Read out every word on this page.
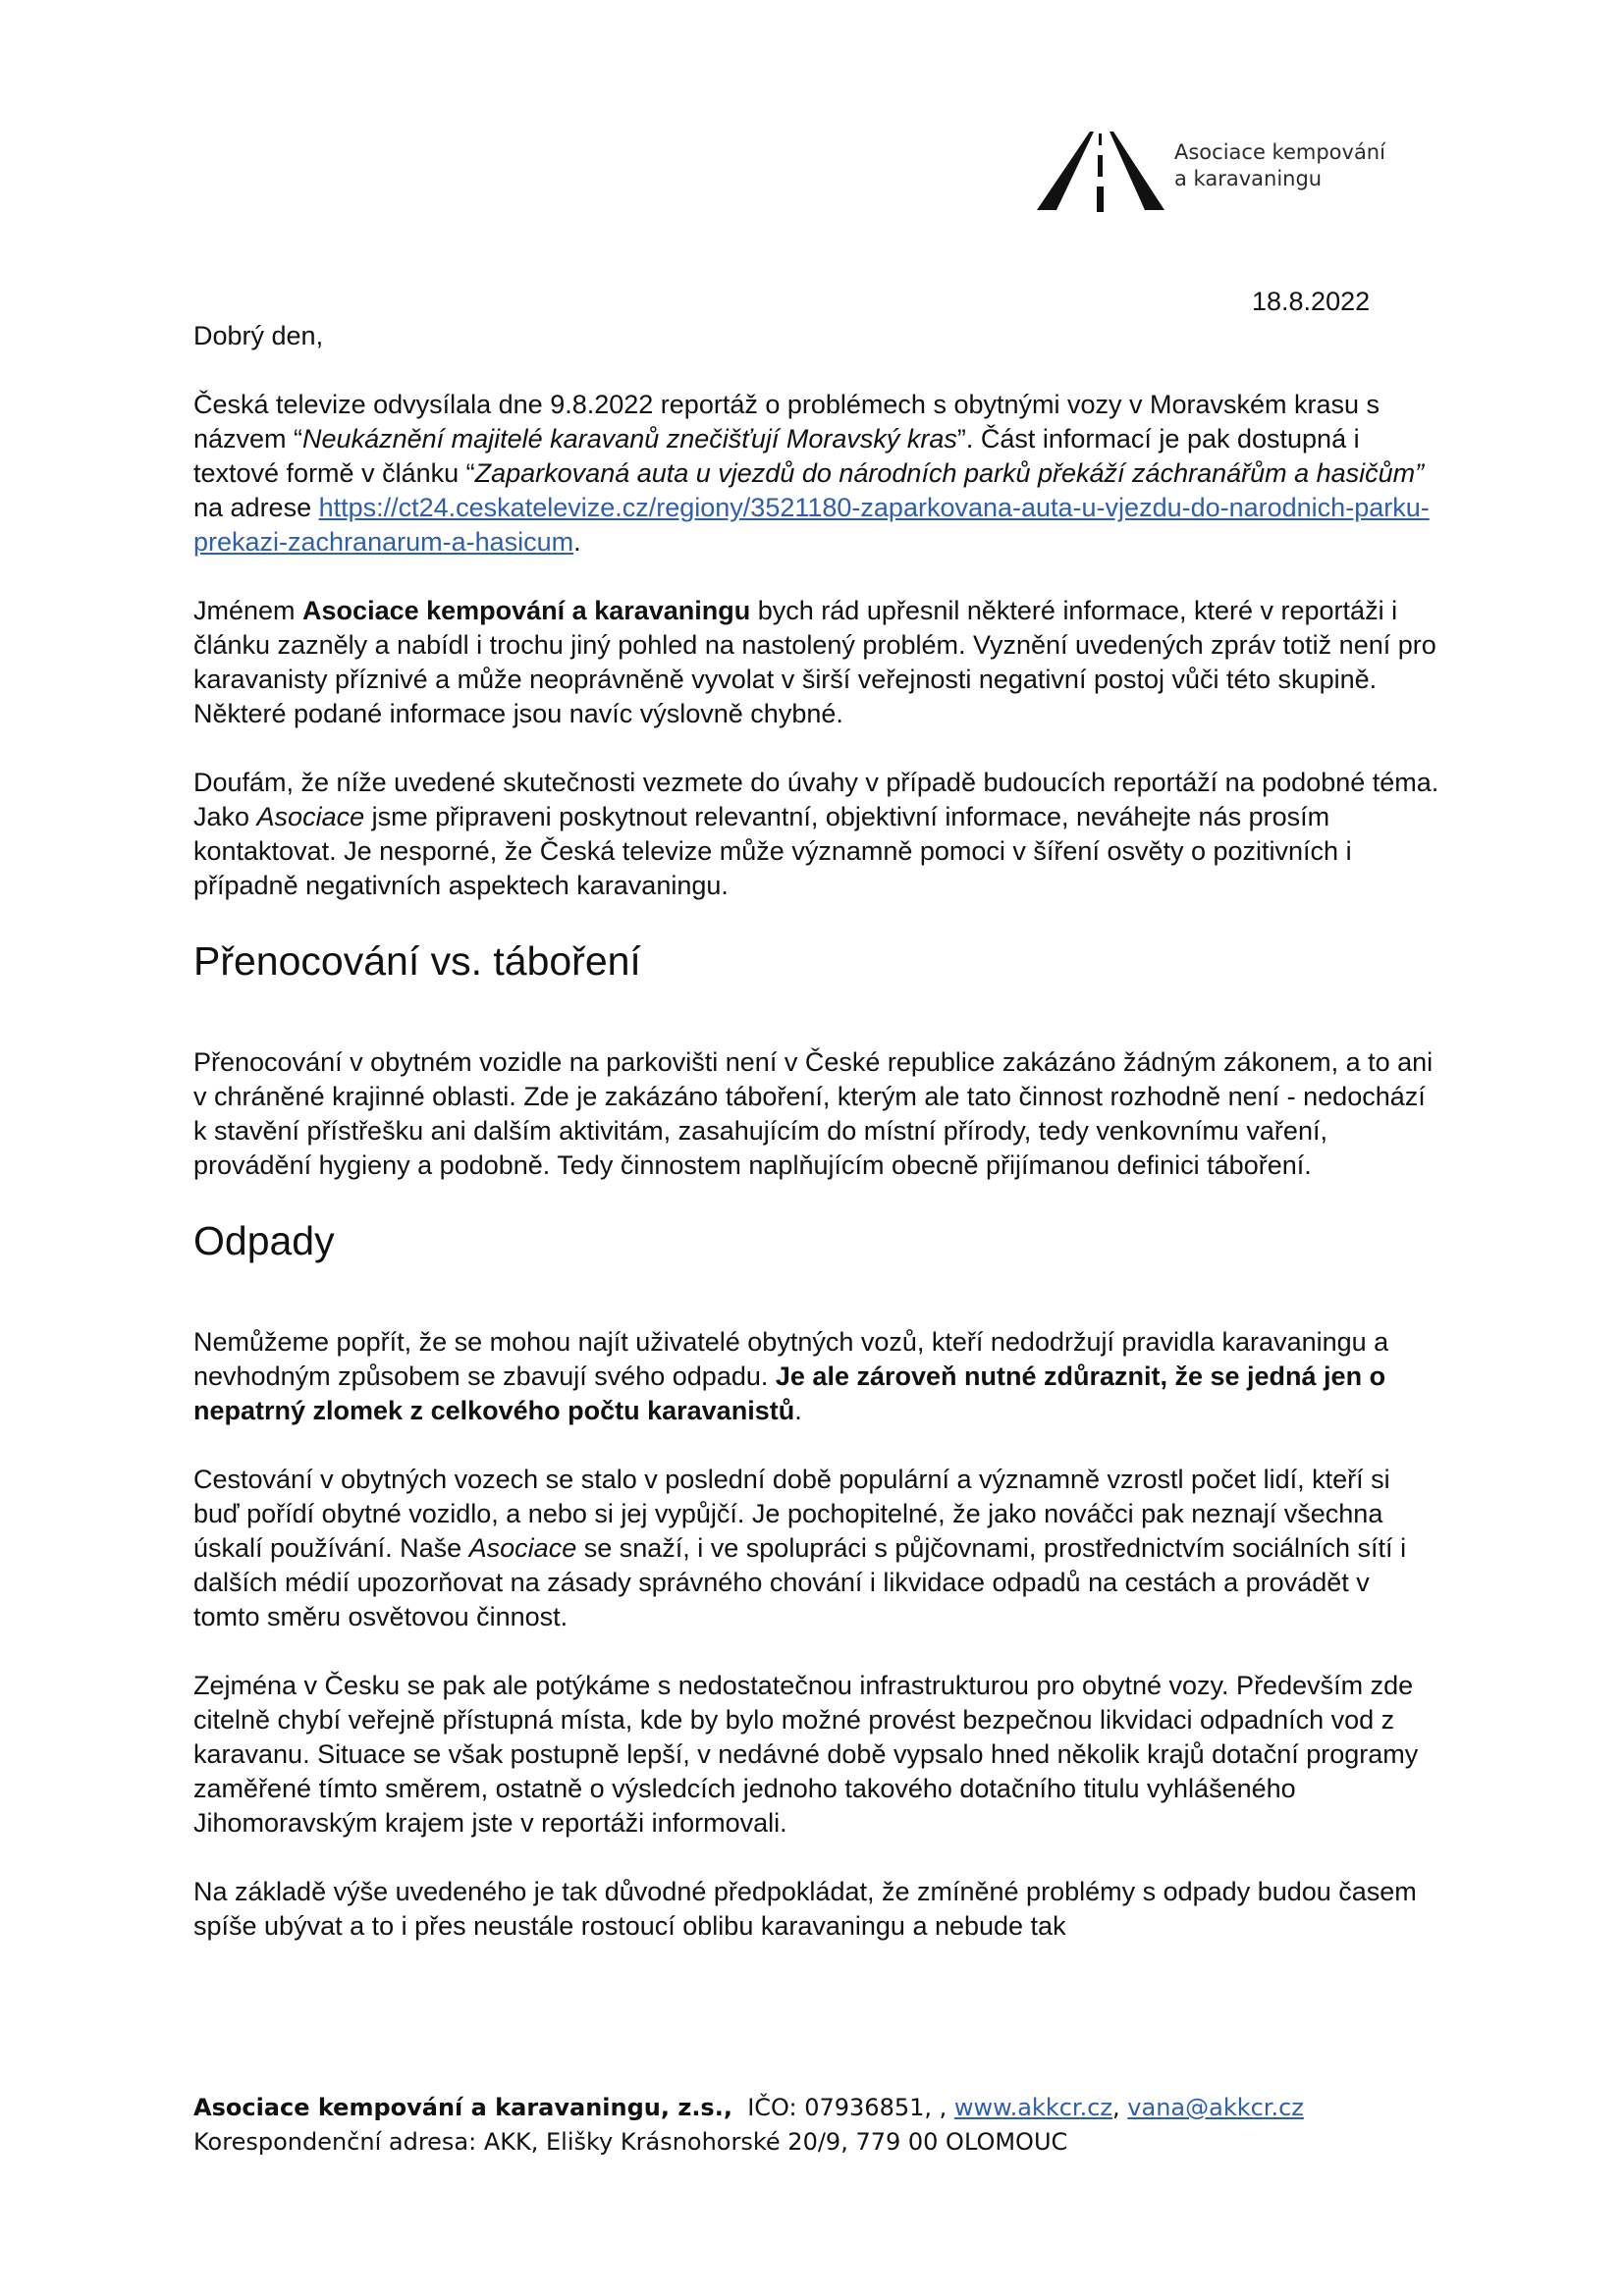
Asociace kempování
a karavaningu
18.8.2022

Dobrý den,

Česká televize odvysílala dne 9.8.2022 reportáž o problémech s obytnými vozy v Moravském krasu s názvem “Neukáznění majitelé karavanů znečišťují Moravský kras”. Část informací je pak dostupná i textové formě v článku “Zaparkovaná auta u vjezdů do národních parků překáží záchranářům a hasičům” na adrese https://ct24.ceskatelevize.cz/regiony/3521180-zaparkovana-auta-u-vjezdu-do-narodnich-parku-prekazi-zachranarum-a-hasicum.

Jménem Asociace kempování a karavaningu bych rád upřesnil některé informace, které v reportáži i článku zazněly a nabídl i trochu jiný pohled na nastolený problém. Vyznění uvedených zpráv totiž není pro karavanisty příznivé a může neoprávněně vyvolat v širší veřejnosti negativní postoj vůči této skupině. Některé podané informace jsou navíc výslovně chybné.

Doufám, že níže uvedené skutečnosti vezmete do úvahy v případě budoucích reportáží na podobné téma. Jako Asociace jsme připraveni poskytnout relevantní, objektivní informace, neváhejte nás prosím kontaktovat. Je nesporné, že Česká televize může významně pomoci v šíření osvěty o pozitivních i případně negativních aspektech karavaningu.

Přenocování vs. táboření

Přenocování v obytném vozidle na parkovišti není v České republice zakázáno žádným zákonem, a to ani v chráněné krajinné oblasti. Zde je zakázáno táboření, kterým ale tato činnost rozhodně není - nedochází k stavění přístřešku ani dalším aktivitám, zasahujícím do místní přírody, tedy venkovnímu vaření, provádění hygieny a podobně. Tedy činnostem naplňujícím obecně přijímanou definici táboření.

Odpady

Nemůžeme popřít, že se mohou najít uživatelé obytných vozů, kteří nedodržují pravidla karavaningu a nevhodným způsobem se zbavují svého odpadu. Je ale zároveň nutné zdůraznit, že se jedná jen o nepatrný zlomek z celkového počtu karavanistů.

Cestování v obytných vozech se stalo v poslední době populární a významně vzrostl počet lidí, kteří si buď pořídí obytné vozidlo, a nebo si jej vypůjčí. Je pochopitelné, že jako nováčci pak neznají všechna úskalí používání. Naše Asociace se snaží, i ve spolupráci s půjčovnami, prostřednictvím sociálních sítí i dalších médií upozorňovat na zásady správného chování i likvidace odpadů na cestách a provádět v tomto směru osvětovou činnost.

Zejména v Česku se pak ale potýkáme s nedostatečnou infrastrukturou pro obytné vozy. Především zde citelně chybí veřejně přístupná místa, kde by bylo možné provést bezpečnou likvidaci odpadních vod z karavanu. Situace se však postupně lepší, v nedávné době vypsalo hned několik krajů dotační programy zaměřené tímto směrem, ostatně o výsledcích jednoho takového dotačního titulu vyhlášeného Jihomoravským krajem jste v reportáži informovali.

Na základě výše uvedeného je tak důvodné předpokládat, že zmíněné problémy s odpady budou časem spíše ubývat a to i přes neustále rostoucí oblibu karavaningu a nebude tak

Asociace kempování a karavaningu, z.s.,  IČO: 07936851, , www.akkcr.cz, vana@akkcr.cz
Korespondenční adresa: AKK, Elišky Krásnohorské 20/9, 779 00 OLOMOUC
